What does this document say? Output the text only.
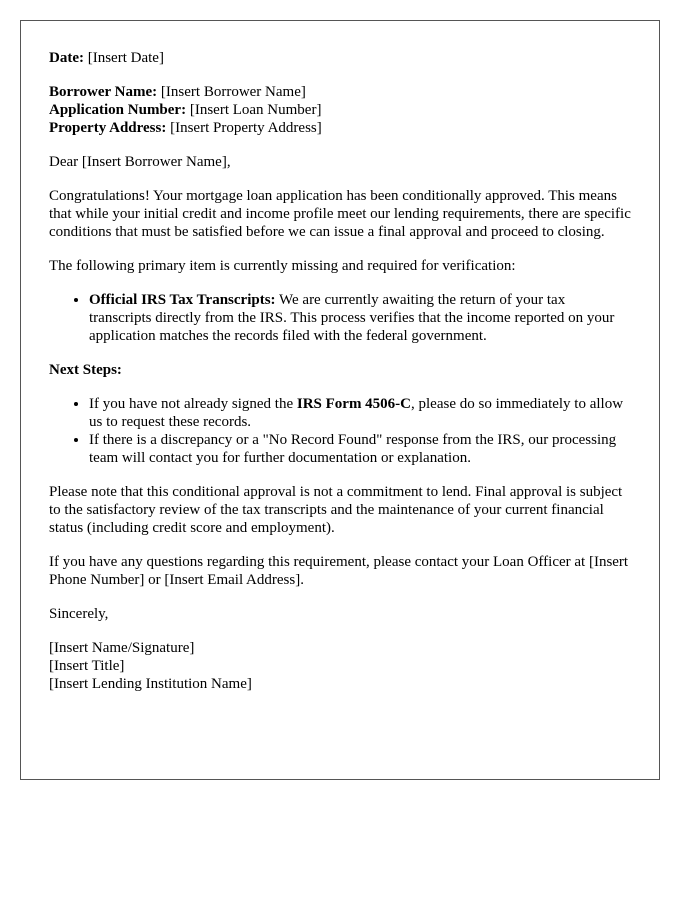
Date: [Insert Date]

Borrower Name: [Insert Borrower Name]

Application Number: [Insert Loan Number]

Property Address: [Insert Property Address]

Dear [Insert Borrower Name],

Congratulations! Your mortgage loan application has been conditionally approved. This means that while your initial credit and income profile meet our lending requirements, there are specific conditions that must be satisfied before we can issue a final approval and proceed to closing.

The following primary item is currently missing and required for verification:

• Official IRS Tax Transcripts: We are currently awaiting the return of your tax transcripts directly from the IRS. This process verifies that the income reported on your application matches the records filed with the federal government.

Next Steps:

• If you have not already signed the IRS Form 4506-C, please do so immediately to allow us to request these records.
• If there is a discrepancy or a "No Record Found" response from the IRS, our processing team will contact you for further documentation or explanation.

Please note that this conditional approval is not a commitment to lend. Final approval is subject to the satisfactory review of the tax transcripts and the maintenance of your current financial status (including credit score and employment).

If you have any questions regarding this requirement, please contact your Loan Officer at [Insert Phone Number] or [Insert Email Address].

Sincerely,

[Insert Name/Signature]

[Insert Title]

[Insert Lending Institution Name]
